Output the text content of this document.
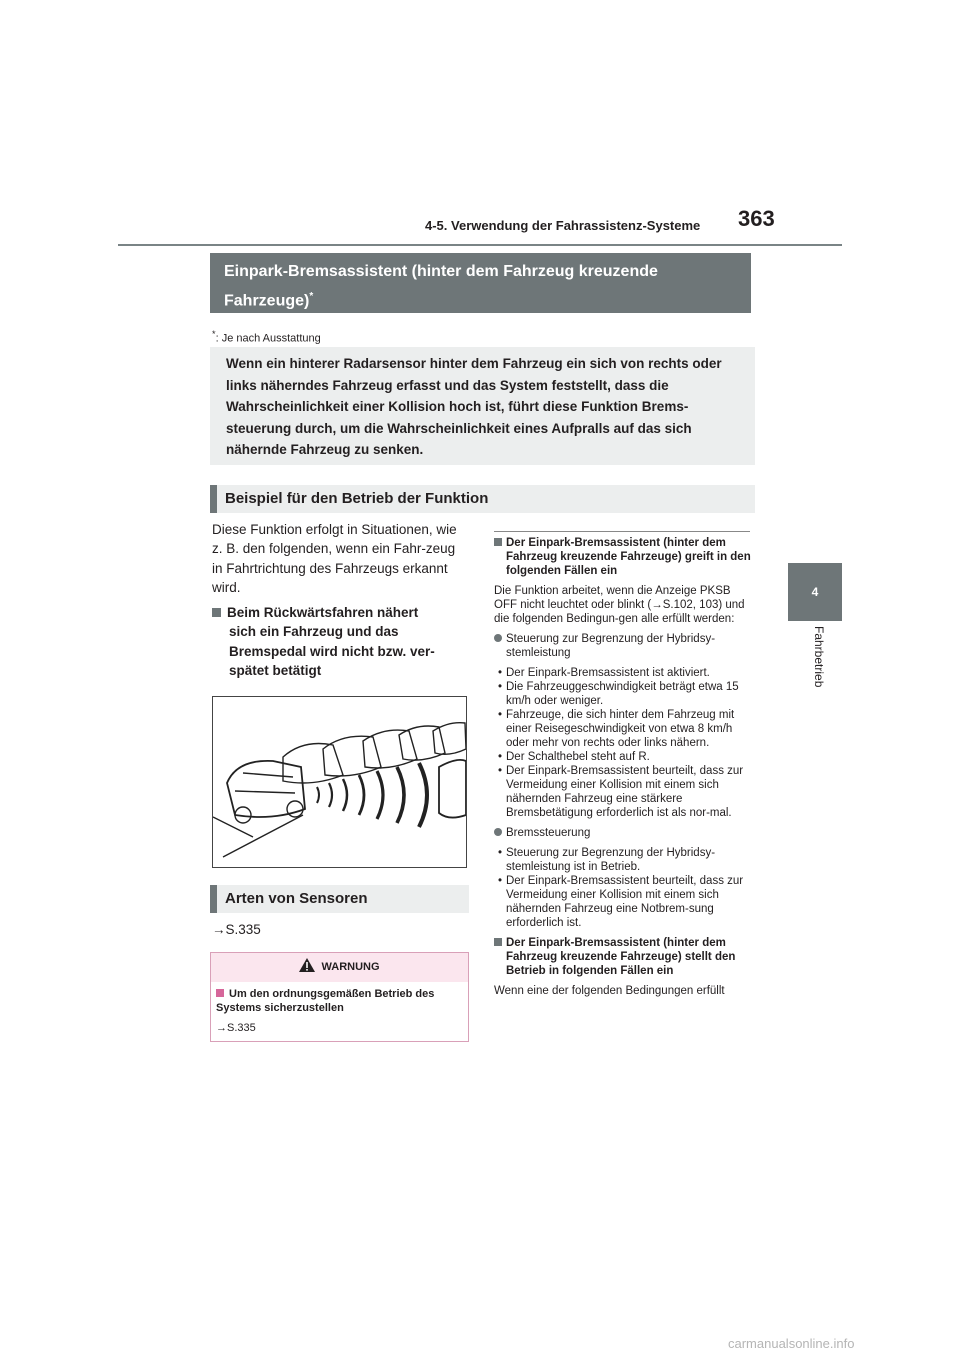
4-5. Verwendung der Fahrassistenz-Systeme 363
4
Fahrbetrieb
Einpark-Bremsassistent (hinter dem Fahrzeug kreuzende
Fahrzeuge)*
*: Je nach Ausstattung
Wenn ein hinterer Radarsensor hinter dem Fahrzeug ein sich von rechts oder links näherndes Fahrzeug erfasst und das System feststellt, dass die Wahrscheinlichkeit einer Kollision hoch ist, führt diese Funktion Brems-steuerung durch, um die Wahrscheinlichkeit eines Aufpralls auf das sich nähernde Fahrzeug zu senken.
Beispiel für den Betrieb der Funktion
Diese Funktion erfolgt in Situationen, wie z. B. den folgenden, wenn ein Fahr-zeug in Fahrtrichtung des Fahrzeugs erkannt wird.
Beim Rückwärtsfahren nähert
sich ein Fahrzeug und das Bremspedal wird nicht bzw. ver-spätet betätigt
Arten von Sensoren
→S.335
WARNUNG
Um den ordnungsgemäßen Betrieb des Systems sicherzustellen
→S.335

Der Einpark-Bremsassistent (hinter dem Fahrzeug kreuzende Fahrzeuge) greift in den folgenden Fällen ein

Die Funktion arbeitet, wenn die Anzeige PKSB OFF nicht leuchtet oder blinkt (→S.102, 103) und die folgenden Bedingun-gen alle erfüllt werden:

Steuerung zur Begrenzung der Hybridsy-stemleistung

• Der Einpark-Bremsassistent ist aktiviert.
• Die Fahrzeuggeschwindigkeit beträgt etwa 15 km/h oder weniger.
• Fahrzeuge, die sich hinter dem Fahrzeug mit einer Reisegeschwindigkeit von etwa 8 km/h oder mehr von rechts oder links nähern.
• Der Schalthebel steht auf R.
• Der Einpark-Bremsassistent beurteilt, dass zur Vermeidung einer Kollision mit einem sich nähernden Fahrzeug eine stärkere Bremsbetätigung erforderlich ist als nor-mal.

Bremssteuerung

• Steuerung zur Begrenzung der Hybridsy-stemleistung ist in Betrieb.
• Der Einpark-Bremsassistent beurteilt, dass zur Vermeidung einer Kollision mit einem sich nähernden Fahrzeug eine Notbrem-sung erforderlich ist.

Der Einpark-Bremsassistent (hinter dem Fahrzeug kreuzende Fahrzeuge) stellt den Betrieb in folgenden Fällen ein

Wenn eine der folgenden Bedingungen erfüllt

carmanualsonline.info
